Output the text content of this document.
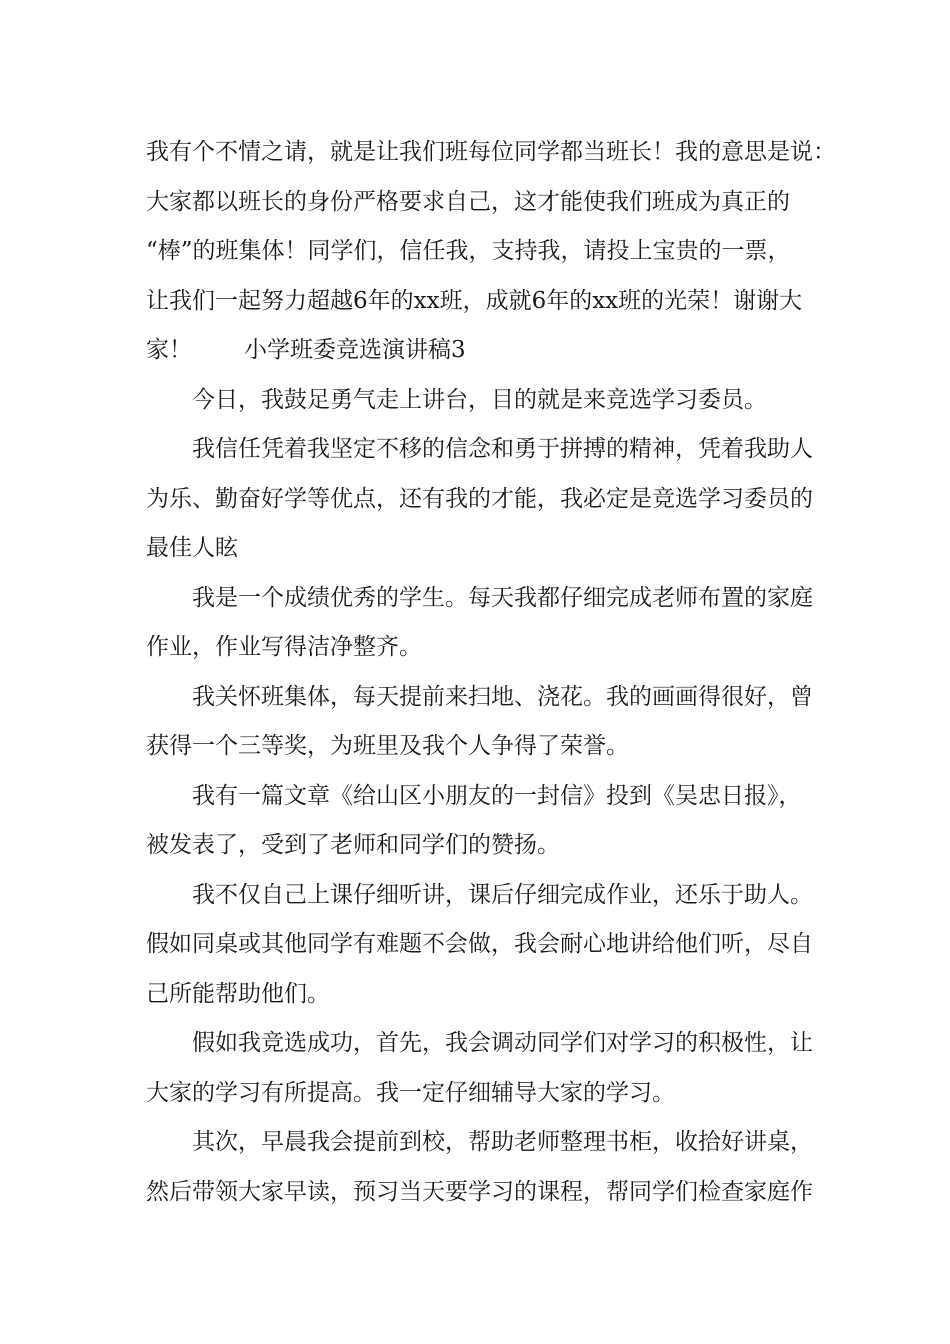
我有个不情之请，就是让我们班每位同学都当班长！我的意思是说：
大家都以班长的身份严格要求自己，这才能使我们班成为真正的
“棒”的班集体！同学们，信任我，支持我，请投上宝贵的一票，
让我们一起努力超越6年的xx班，成就6年的xx班的光荣！谢谢大
家！ 小学班委竞选演讲稿3
今日，我鼓足勇气走上讲台，目的就是来竞选学习委员。
我信任凭着我坚定不移的信念和勇于拼搏的精神，凭着我助人
为乐、勤奋好学等优点，还有我的才能，我必定是竞选学习委员的
最佳人眩
我是一个成绩优秀的学生。每天我都仔细完成老师布置的家庭
作业，作业写得洁净整齐。
我关怀班集体，每天提前来扫地、浇花。我的画画得很好，曾
获得一个三等奖，为班里及我个人争得了荣誉。
我有一篇文章《给山区小朋友的一封信》投到《吴忠日报》，
被发表了，受到了老师和同学们的赞扬。
我不仅自己上课仔细听讲，课后仔细完成作业，还乐于助人。
假如同桌或其他同学有难题不会做，我会耐心地讲给他们听，尽自
己所能帮助他们。
假如我竞选成功，首先，我会调动同学们对学习的积极性，让
大家的学习有所提高。我一定仔细辅导大家的学习。
其次，早晨我会提前到校，帮助老师整理书柜，收拾好讲桌，
然后带领大家早读，预习当天要学习的课程，帮同学们检查家庭作
